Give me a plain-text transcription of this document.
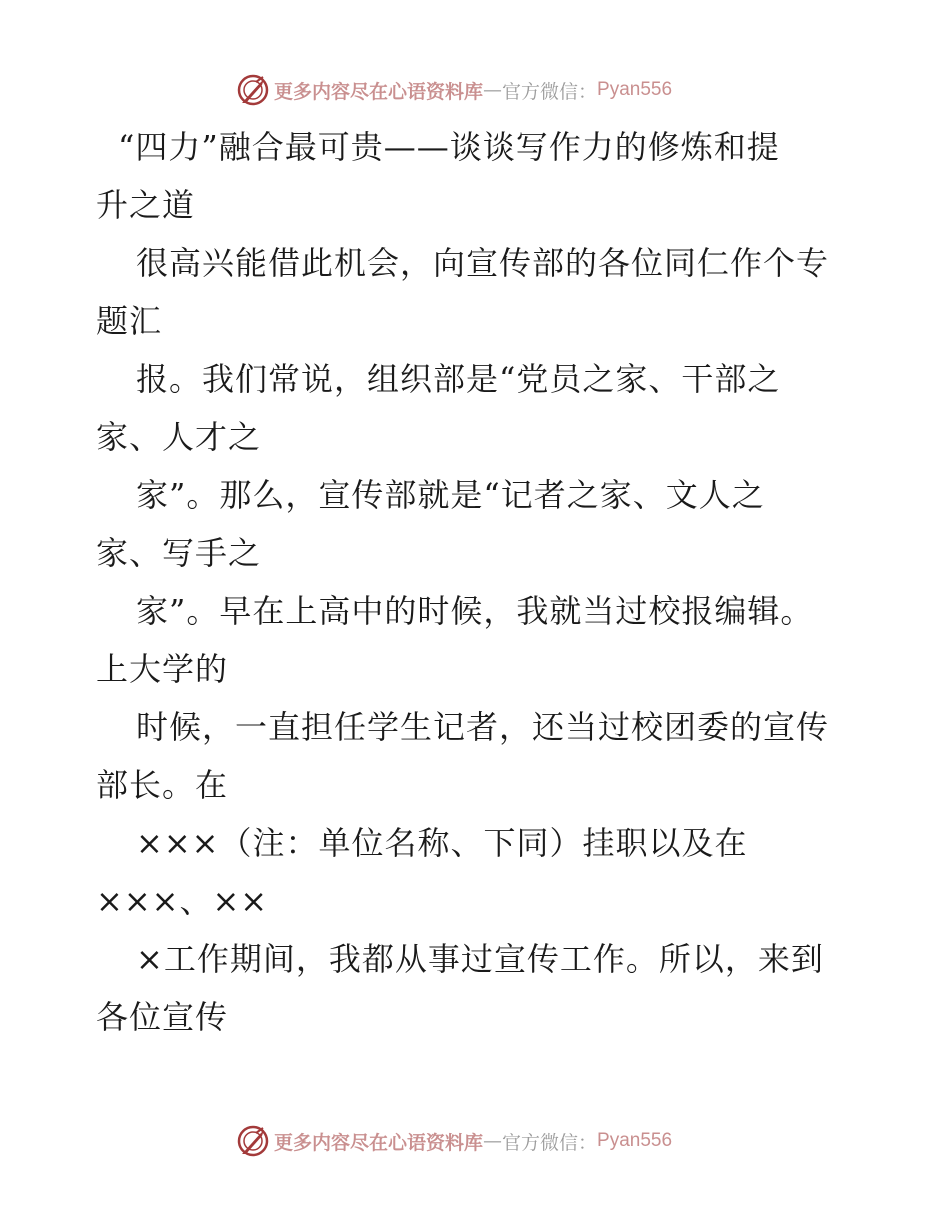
更多内容尽在心语资料库 — 官方微信： Pyan556
“四力”融合最可贵——谈谈写作力的修炼和提
升之道
很高兴能借此机会，向宣传部的各位同仁作个专
题汇
报。我们常说，组织部是“党员之家、干部之
家、人才之
家”。那么，宣传部就是“记者之家、文人之
家、写手之
家”。早在上高中的时候，我就当过校报编辑。
上大学的
时候，一直担任学生记者，还当过校团委的宣传
部长。在
×××（注：单位名称、下同）挂职以及在
×××、××
×工作期间，我都从事过宣传工作。所以，来到
各位宣传
更多内容尽在心语资料库 — 官方微信： Pyan556
